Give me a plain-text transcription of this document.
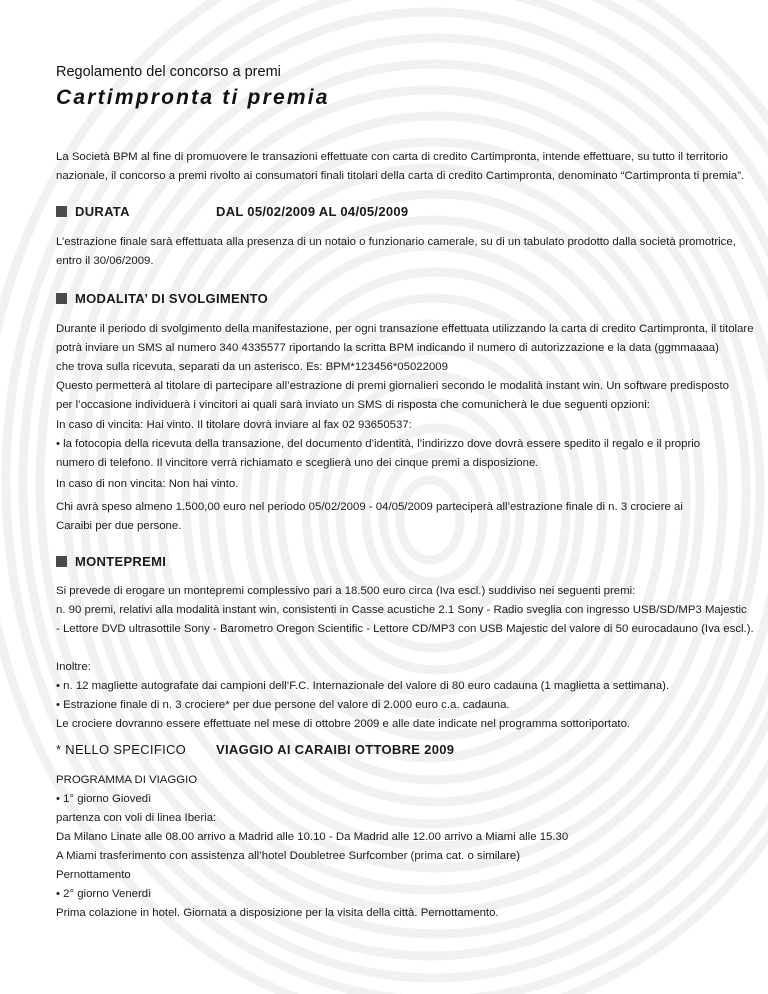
Regolamento del concorso a premi
Cartimpronta ti premia
La Società BPM al fine di promuovere le transazioni effettuate con carta di credito Cartimpronta, intende effettuare, su tutto il territorio
nazionale, il concorso a premi rivolto ai consumatori finali titolari della carta di credito Cartimpronta, denominato “Cartimpronta ti premia”.
DURATA	DAL 05/02/2009 AL 04/05/2009
L’estrazione finale sarà effettuata alla presenza di un notaio o funzionario camerale, su di un tabulato prodotto dalla società promotrice,
entro il 30/06/2009.
MODALITA’ DI SVOLGIMENTO
Durante il periodo di svolgimento della manifestazione, per ogni transazione effettuata utilizzando la carta di credito Cartimpronta, il titolare
potrà inviare un SMS al numero 340 4335577 riportando la scritta BPM indicando il numero di autorizzazione e la data (ggmmaaaa)
che trova sulla ricevuta, separati da un asterisco. Es: BPM*123456*05022009
Questo permetterà al titolare di partecipare all’estrazione di premi giornalieri secondo le modalità instant win. Un software predisposto
per l’occasione individuerà i vincitori ai quali sarà inviato un SMS di risposta che comunicherà le due seguenti opzioni:
In caso di vincita: Hai vinto. Il titolare dovrà inviare al fax 02 93650537:
• la fotocopia della ricevuta della transazione, del documento d’identità, l’indirizzo dove dovrà essere spedito il regalo e il proprio
numero di telefono. Il vincitore verrà richiamato e sceglierà uno dei cinque premi a disposizione.
In caso di non vincita: Non hai vinto.
Chi avrà speso almeno 1.500,00 euro nel periodo 05/02/2009 - 04/05/2009 parteciperà all’estrazione finale di n. 3 crociere ai
Caraibi per due persone.
MONTEPREMI
Si prevede di erogare un montepremi complessivo pari a 18.500 euro circa (Iva escl.) suddiviso nei seguenti premi:
n. 90 premi, relativi alla modalità instant win, consistenti in Casse acustiche 2.1 Sony - Radio sveglia con ingresso USB/SD/MP3 Majestic
- Lettore DVD ultrasottile Sony - Barometro Oregon Scientific - Lettore CD/MP3 con USB Majestic del valore di 50 eurocadauno (Iva escl.).
Inoltre:
• n. 12 magliette autografate dai campioni dell’F.C. Internazionale del valore di 80 euro cadauna (1 maglietta a settimana).
• Estrazione finale di n. 3 crociere* per due persone del valore di 2.000 euro c.a. cadauna.
Le crociere dovranno essere effettuate nel mese di ottobre 2009 e alle date indicate nel programma sottoriportato.
* NELLO SPECIFICO VIAGGIO AI CARAIBI OTTOBRE 2009
PROGRAMMA DI VIAGGIO
• 1° giorno Giovedì
partenza con voli di linea Iberia:
Da Milano Linate alle 08.00 arrivo a Madrid alle 10.10 - Da Madrid alle 12.00 arrivo a Miami alle 15.30
A Miami trasferimento con assistenza all’hotel Doubletree Surfcomber (prima cat. o similare)
Pernottamento
• 2° giorno Venerdì
Prima colazione in hotel. Giornata a disposizione per la visita della città. Pernottamento.
